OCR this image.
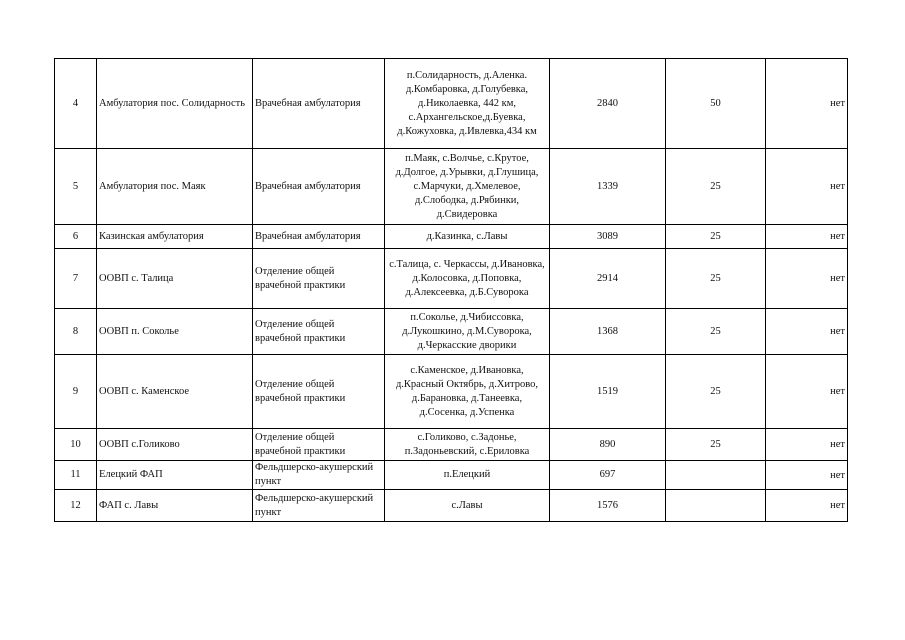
4	Амбулатория пос. Солидарность	Врачебная амбулатория	п.Солидарность, д.Аленка. д.Комбаровка, д.Голубевка, д.Николаевка, 442 км, с.Архангельское,д.Буевка, д.Кожуховка, д.Ивлевка,434 км	2840	50	нет
5	Амбулатория пос. Маяк	Врачебная амбулатория	п.Маяк, с.Волчье, с.Крутое, д.Долгое, д.Урывки, д.Глушица, с.Марчуки, д.Хмелевое, д.Слободка, д.Рябинки, д.Свидеровка	1339	25	нет
6	Казинская амбулатория	Врачебная амбулатория	д.Казинка, с.Лавы	3089	25	нет
7	ООВП с. Талица	Отделение общей врачебной практики	с.Талица, с. Черкассы, д.Ивановка, д.Колосовка, д.Поповка, д.Алексеевка, д.Б.Суворока	2914	25	нет
8	ООВП п. Соколье	Отделение общей врачебной практики	п.Соколье, д.Чибиссовка, д.Лукошкино, д.М.Суворока, д.Черкасские дворики	1368	25	нет
9	ООВП с. Каменское	Отделение общей врачебной практики	с.Каменское, д.Ивановка, д.Красный Октябрь, д.Хитрово, д.Барановка, д.Танеевка, д.Сосенка, д.Успенка	1519	25	нет
10	ООВП с.Голиково	Отделение общей врачебной практики	с.Голиково, с.Задонье, п.Задоньевский, с.Ериловка	890	25	нет
11	Елецкий ФАП	Фельдшерско-акушерский пункт	п.Елецкий	697		нет
12	ФАП с. Лавы	Фельдшерско-акушерский пункт	с.Лавы	1576		нет
